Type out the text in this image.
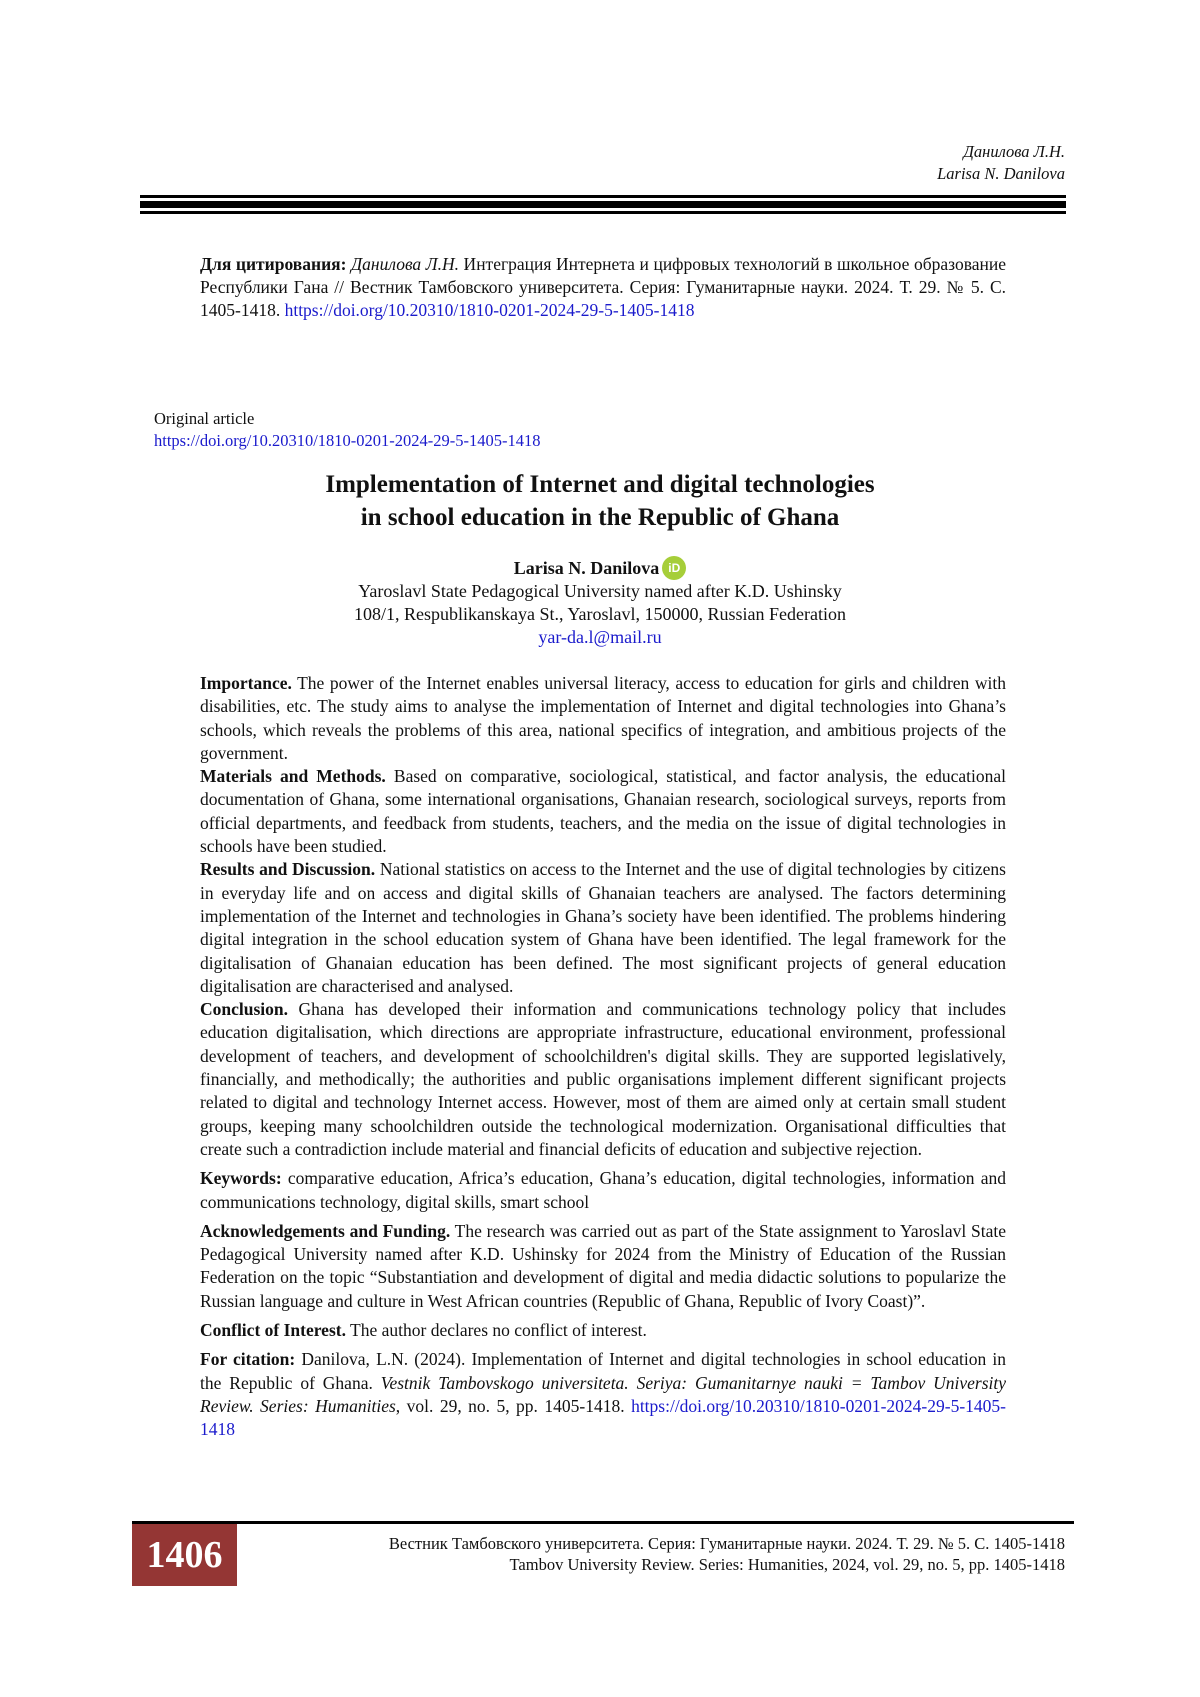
Данилова Л.Н.
Larisa N. Danilova
Для цитирования: Данилова Л.Н. Интеграция Интернета и цифровых технологий в школьное образование Республики Гана // Вестник Тамбовского университета. Серия: Гуманитарные науки. 2024. Т. 29. № 5. С. 1405-1418. https://doi.org/10.20310/1810-0201-2024-29-5-1405-1418
Original article
https://doi.org/10.20310/1810-0201-2024-29-5-1405-1418
Implementation of Internet and digital technologies
in school education in the Republic of Ghana
Larisa N. Danilova iD
Yaroslavl State Pedagogical University named after K.D. Ushinsky
108/1, Respublikanskaya St., Yaroslavl, 150000, Russian Federation
yar-da.l@mail.ru

Importance. The power of the Internet enables universal literacy, access to education for girls and children with disabilities, etc. The study aims to analyse the implementation of Internet and digital technologies into Ghana’s schools, which reveals the problems of this area, national specifics of integration, and ambitious projects of the government.

Materials and Methods. Based on comparative, sociological, statistical, and factor analysis, the educational documentation of Ghana, some international organisations, Ghanaian research, sociological surveys, reports from official departments, and feedback from students, teachers, and the media on the issue of digital technologies in schools have been studied.

Results and Discussion. National statistics on access to the Internet and the use of digital technologies by citizens in everyday life and on access and digital skills of Ghanaian teachers are analysed. The factors determining implementation of the Internet and technologies in Ghana’s society have been identified. The problems hindering digital integration in the school education system of Ghana have been identified. The legal framework for the digitalisation of Ghanaian education has been defined. The most significant projects of general education digitalisation are characterised and analysed.

Conclusion. Ghana has developed their information and communications technology policy that includes education digitalisation, which directions are appropriate infrastructure, educational environment, professional development of teachers, and development of schoolchildren's digital skills. They are supported legislatively, financially, and methodically; the authorities and public organisations implement different significant projects related to digital and technology Internet access. However, most of them are aimed only at certain small student groups, keeping many schoolchildren outside the technological modernization. Organisational difficulties that create such a contradiction include material and financial deficits of education and subjective rejection.

Keywords: comparative education, Africa’s education, Ghana’s education, digital technologies, information and communications technology, digital skills, smart school

Acknowledgements and Funding. The research was carried out as part of the State assignment to Yaroslavl State Pedagogical University named after K.D. Ushinsky for 2024 from the Ministry of Education of the Russian Federation on the topic “Substantiation and development of digital and media didactic solutions to popularize the Russian language and culture in West African countries (Republic of Ghana, Republic of Ivory Coast)”.

Conflict of Interest. The author declares no conflict of interest.

For citation: Danilova, L.N. (2024). Implementation of Internet and digital technologies in school education in the Republic of Ghana. Vestnik Tambovskogo universiteta. Seriya: Gumanitarnye nauki = Tambov University Review. Series: Humanities, vol. 29, no. 5, pp. 1405-1418. https://doi.org/10.20310/1810-0201-2024-29-5-1405-1418

1406	Вестник Тамбовского университета. Серия: Гуманитарные науки. 2024. Т. 29. № 5. С. 1405-1418
Tambov University Review. Series: Humanities, 2024, vol. 29, no. 5, pp. 1405-1418
